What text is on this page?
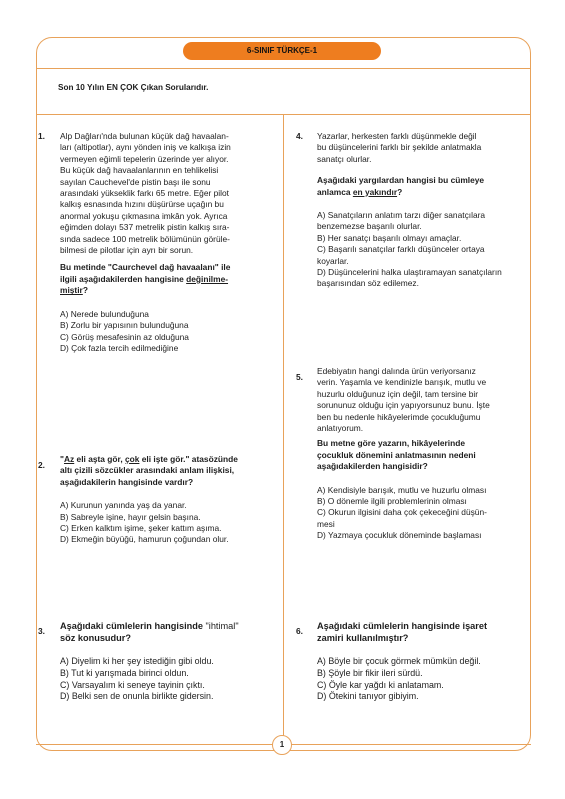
6-SINIF TÜRKÇE-1
Son 10 Yılın EN ÇOK Çıkan Sorularıdır.
1. Alp Dağları'nda bulunan küçük dağ havaalan-
ları (altipotlar), aynı yönden iniş ve kalkışa izin
vermeyen eğimli tepelerin üzerinde yer alıyor.
Bu küçük dağ havaalanlarının en tehlikelisi
sayılan Cauchevel'de pistin başı ile sonu
arasındaki yükseklik farkı 65 metre. Eğer pilot
kalkış esnasında hızını düşürürse uçağın bu
anormal yokuşu çıkmasına imkân yok. Ayrıca
eğimden dolayı 537 metrelik pistin kalkış sıra-
sında sadece 100 metrelik bölümünün görüle-
bilmesi de pilotlar için ayrı bir sorun.
Bu metinde "Caurchevel dağ havaalanı" ile
ilgili aşağıdakilerden hangisine değinilme-
miştir?
A) Nerede bulunduğuna
B) Zorlu bir yapısının bulunduğuna
C) Görüş mesafesinin az olduğuna
D) Çok fazla tercih edilmediğine
2.
"Az eli aşta gör, çok eli işte gör." atasözünde
altı çizili sözcükler arasındaki anlam ilişkisi,
aşağıdakilerin hangisinde vardır?
A) Kurunun yanında yaş da yanar.
B) Sabreyle işine, hayır gelsin başına.
C) Erken kalktım işime, şeker kattım aşıma.
D) Ekmeğin büyüğü, hamurun çoğundan olur.
3. Aşağıdaki cümlelerin hangisinde "ihtimal"
söz konusudur?
A) Diyelim ki her şey istediğin gibi oldu.
B) Tut ki yarışmada birinci oldun.
C) Varsayalım ki seneye tayinin çıktı.
D) Belki sen de onunla birlikte gidersin.
4. Yazarlar, herkesten farklı düşünmekle değil
bu düşüncelerini farklı bir şekilde anlatmakla
sanatçı olurlar.
Aşağıdaki yargılardan hangisi bu cümleye
anlamca en yakındır?
A) Sanatçıların anlatım tarzı diğer sanatçılara
benzemezse başarılı olurlar.
B) Her sanatçı başarılı olmayı amaçlar.
C) Başarılı sanatçılar farklı düşünceler ortaya
koyarlar.
D) Düşüncelerini halka ulaştıramayan sanatçıların
başarısından söz edilemez.
5.
Edebiyatın hangi dalında ürün veriyorsanız
verin. Yaşamla ve kendinizle barışık, mutlu ve
huzurlu olduğunuz için değil, tam tersine bir
sorununuz olduğu için yapıyorsunuz bunu. İşte
ben bu nedenle hikâyelerimde çocukluğumu
anlatıyorum.
Bu metne göre yazarın, hikâyelerinde
çocukluk dönemini anlatmasının nedeni
aşağıdakilerden hangisidir?
A) Kendisiyle barışık, mutlu ve huzurlu olması
B) O dönemle ilgili problemlerinin olması
C) Okurun ilgisini daha çok çekeceğini düşün-
mesi
D) Yazmaya çocukluk döneminde başlaması
6. Aşağıdaki cümlelerin hangisinde işaret
zamiri kullanılmıştır?
A) Böyle bir çocuk görmek mümkün değil.
B) Şöyle bir fikir ileri sürdü.
C) Öyle kar yağdı ki anlatamam.
D) Ötekini tanıyor gibiyim.
1
